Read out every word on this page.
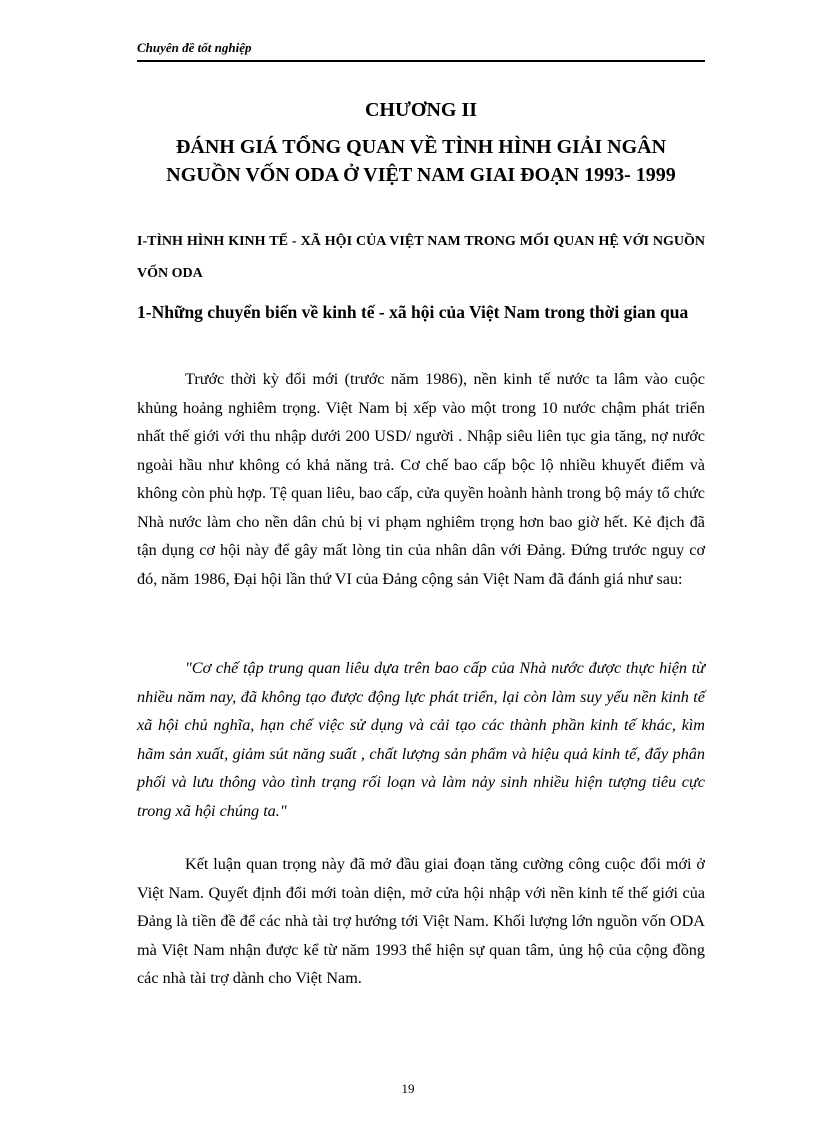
Chuyên đề tốt nghiệp
CHƯƠNG II
ĐÁNH GIÁ TỔNG QUAN VỀ TÌNH HÌNH GIẢI NGÂN
NGUỒN VỐN ODA Ở VIỆT NAM GIAI ĐOẠN 1993- 1999
I-TÌNH HÌNH KINH TẾ - XÃ HỘI CỦA VIỆT NAM TRONG MỐI QUAN HỆ VỚI NGUỒN VỐN ODA
1-Những chuyển biến về kinh tế - xã hội của Việt Nam trong thời gian qua

Trước thời kỳ đổi mới (trước năm 1986), nền kinh tế nước ta lâm vào cuộc khủng hoảng nghiêm trọng. Việt Nam bị xếp vào một trong 10 nước chậm phát triển nhất thế giới với thu nhập dưới 200 USD/ người . Nhập siêu liên tục gia tăng, nợ nước ngoài hầu như không có khả năng trả. Cơ chế bao cấp bộc lộ nhiều khuyết điểm và không còn phù hợp. Tệ quan liêu, bao cấp, cửa quyền hoành hành trong bộ máy tổ chức Nhà nước làm cho nền dân chủ bị vi phạm nghiêm trọng hơn bao giờ hết. Kẻ địch đã tận dụng cơ hội này để gây mất lòng tin của nhân dân với Đảng. Đứng trước nguy cơ đó, năm 1986, Đại hội lần thứ VI của Đảng cộng sản Việt Nam đã đánh giá như sau:

"Cơ chế tập trung quan liêu dựa trên bao cấp của Nhà nước được thực hiện từ nhiều năm nay, đã không tạo được động lực phát triển, lại còn làm suy yếu nền kinh tế xã hội chủ nghĩa, hạn chế việc sử dụng và cải tạo các thành phần kinh tế khác, kìm hãm sản xuất, giảm sút năng suất , chất lượng sản phẩm và hiệu quả kinh tế, đẩy phân phối và lưu thông vào tình trạng rối loạn và làm nảy sinh nhiều hiện tượng tiêu cực trong xã hội chúng ta."

Kết luận quan trọng này đã mở đầu giai đoạn tăng cường công cuộc đổi mới ở Việt Nam. Quyết định đổi mới toàn diện, mở cửa hội nhập với nền kinh tế thế giới của Đảng là tiền đề để các nhà tài trợ hướng tới Việt Nam. Khối lượng lớn nguồn vốn ODA mà Việt Nam nhận được kể từ năm 1993 thể hiện sự quan tâm, ủng hộ của cộng đồng các nhà tài trợ dành cho Việt Nam.

19
